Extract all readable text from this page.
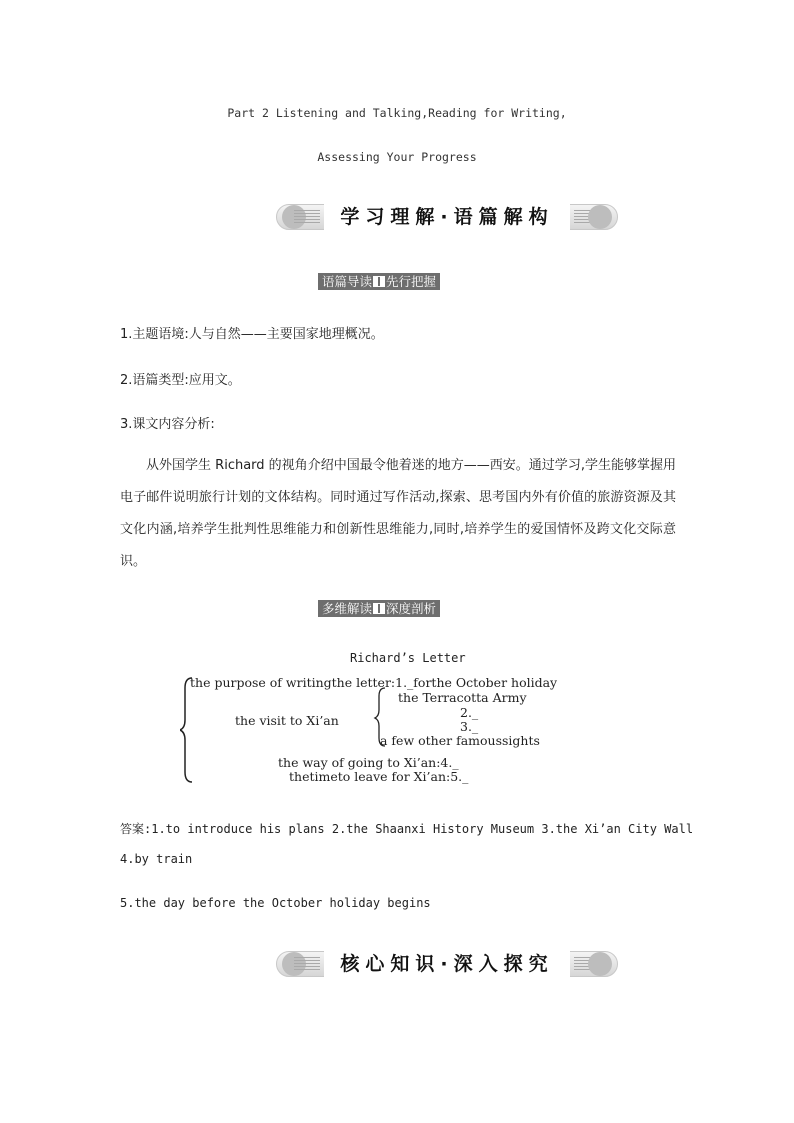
Part 2 Listening and Talking,Reading for Writing,
Assessing Your Progress
学习理解·语篇解构
语篇导读 先行把握
1.主题语境:人与自然——主要国家地理概况。
2.语篇类型:应用文。
3.课文内容分析:
从外国学生 Richard 的视角介绍中国最令他着迷的地方——西安。通过学习,学生能够掌握用电子邮件说明旅行计划的文体结构。同时通过写作活动,探索、思考国内外有价值的旅游资源及其文化内涵,培养学生批判性思维能力和创新性思维能力,同时,培养学生的爱国情怀及跨文化交际意识。
多维解读 深度剖析
Richard’s Letter
the purpose of writingthe letter:1._forthe October holiday
the Terracotta Army
the visit to Xi’an
2._
3._
a few other famoussights
the way of going to Xi’an:4._
thetimeto leave for Xi’an:5._
答案:1.to introduce his plans 2.the Shaanxi History Museum 3.the Xi’an City Wall
4.by train
5.the day before the October holiday begins
核心知识·深入探究
